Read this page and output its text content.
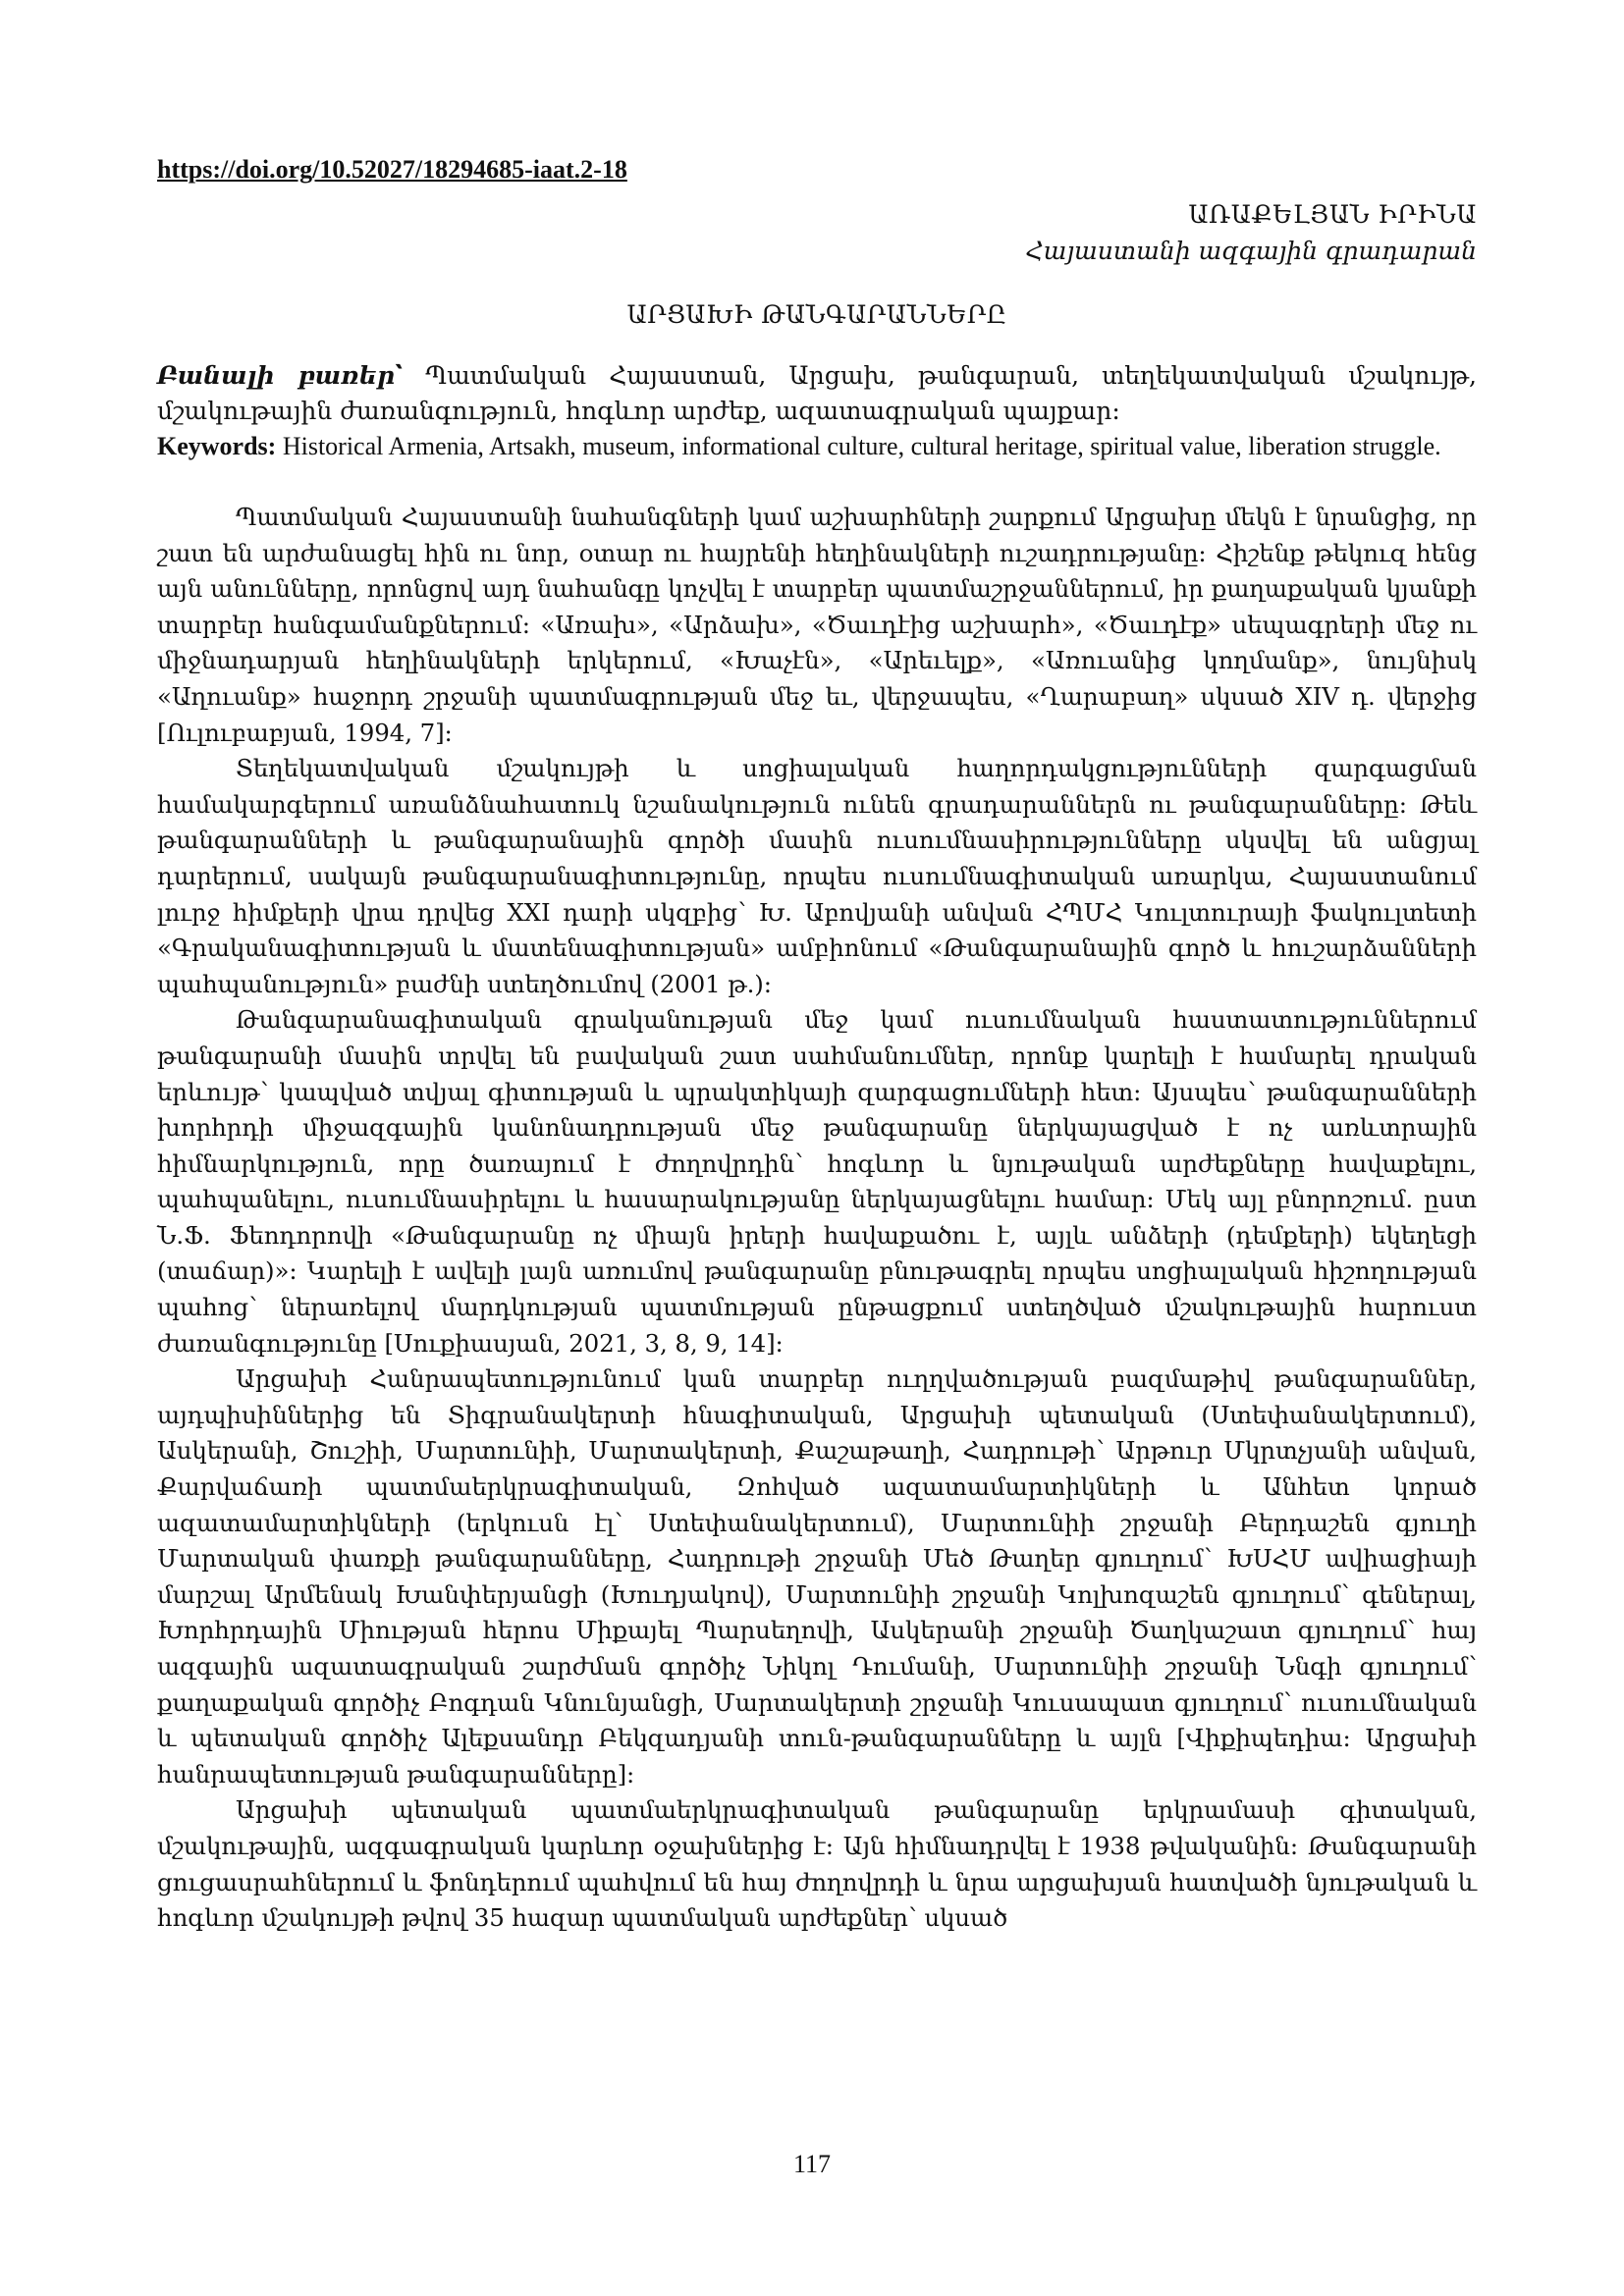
https://doi.org/10.52027/18294685-iaat.2-18
ԱՌԱՔԵԼՅԱՆ ԻՐԻՆԱ
Հայաստանի ազգային գրադարան
ԱՐՑԱԽԻ ԹԱՆԳԱՐԱՆՆԵՐԸ
Բանալի բառեր՝ Պատմական Հայաստան, Արցախ, թանգարան, տեղեկատվական մշակույթ, մշակութային ժառանգություն, հոգևոր արժեք, ազատագրական պայքար:
Keywords: Historical Armenia, Artsakh, museum, informational culture, cultural heritage, spiritual value, liberation struggle.

Պատմական Հայաստանի նահանգների կամ աշխարհների շարքում Արցախը մեկն է նրանցից, որ շատ են արժանացել հին ու նոր, օտար ու հայրենի հեղինակների ուշադրությանը: Հիշենք թեկուզ հենց այն անունները, որոնցով այդ նահանգը կոչվել է տարբեր պատմաշրջաններում, իր քաղաքական կյանքի տարբեր հանգամանքներում: «Առախ», «Արձախ», «Ծաւդէից աշխարհ», «Ծաւդէք» սեպագրերի մեջ ու միջնադարյան հեղինակների երկերում, «Խաչէն», «Արեւելք», «Առուանից կողմանք», նույնիսկ «Աղուանք» հաջորդ շրջանի պատմագրության մեջ եւ, վերջապես, «Ղարաբաղ» սկսած XIV դ. վերջից [Ուլուբաբյան, 1994, 7]:

Տեղեկատվական մշակույթի և սոցիալական հաղորդակցությունների զարգացման համակարգերում առանձնահատուկ նշանակություն ունեն գրադարաններն ու թանգարանները: Թեև թանգարանների և թանգարանային գործի մասին ուսումնասիրությունները սկսվել են անցյալ դարերում, սակայն թանգարանագիտությունը, որպես ուսումնագիտական առարկա, Հայաստանում լուրջ հիմքերի վրա դրվեց XXI դարի սկզբից՝ Խ. Աբովյանի անվան ՀՊՄՀ Կուլտուրայի ֆակուլտետի «Գրականագիտության և մատենագիտության» ամբիոնում «Թանգարանային գործ և հուշարձանների պահպանություն» բաժնի ստեղծումով (2001 թ.):

Թանգարանագիտական գրականության մեջ կամ ուսումնական հաստատություններում թանգարանի մասին տրվել են բավական շատ սահմանումներ, որոնք կարելի է համարել դրական երևույթ՝ կապված տվյալ գիտության և պրակտիկայի զարգացումների հետ: Այսպես՝ թանգարանների խորհրդի միջազգային կանոնադրության մեջ թանգարանը ներկայացված է ոչ առևտրային հիմնարկություն, որը ծառայում է ժողովրդին՝ հոգևոր և նյութական արժեքները հավաքելու, պահպանելու, ուսումնասիրելու և հասարակությանը ներկայացնելու համար: Մեկ այլ բնորոշում. ըստ Ն.Ֆ. Ֆեոդորովի «Թանգարանը ոչ միայն իրերի հավաքածու է, այլև անձերի (դեմքերի) եկեղեցի (տաճար)»: Կարելի է ավելի լայն առումով թանգարանը բնութագրել որպես սոցիալական հիշողության պահոց՝ ներառելով մարդկության պատմության ընթացքում ստեղծված մշակութային հարուստ ժառանգությունը [Սուքիասյան, 2021, 3, 8, 9, 14]:

Արցախի Հանրապետությունում կան տարբեր ուղղվածության բազմաթիվ թանգարաններ, այդպիսիններից են Տիգրանակերտի հնագիտական, Արցախի պետական (Ստեփանակերտում), Ասկերանի, Շուշիի, Մարտունիի, Մարտակերտի, Քաշաթաղի, Հադրութի՝ Արթուր Մկրտչյանի անվան, Քարվաճառի պատմաերկրագիտական, Զոհված ազատամարտիկների և Անհետ կորած ազատամարտիկների (երկուսն էլ՝ Ստեփանակերտում), Մարտունիի շրջանի Բերդաշեն գյուղի Մարտական փառքի թանգարանները, Հադրութի շրջանի Մեծ Թաղեր գյուղում՝ ԽՍՀՄ ավիացիայի մարշալ Արմենակ Խանփերյանցի (Խուդյակով), Մարտունիի շրջանի Կոլխոզաշեն գյուղում՝ գեներալ, Խորհրդային Միության հերոս Միքայել Պարսեղովի, Ասկերանի շրջանի Ծաղկաշատ գյուղում՝ հայ ազգային ազատագրական շարժման գործիչ Նիկոլ Դումանի, Մարտունիի շրջանի Ննգի գյուղում՝ քաղաքական գործիչ Բոգդան Կնունյանցի, Մարտակերտի շրջանի Կուսապատ գյուղում՝ ուսումնական և պետական գործիչ Ալեքսանդր Բեկզադյանի տուն-թանգարանները և այլն [Վիքիպեդիա: Արցախի հանրապետության թանգարանները]:

Արցախի պետական պատմաերկրագիտական թանգարանը երկրամասի գիտական, մշակութային, ազգագրական կարևոր օջախներից է: Այն հիմնադրվել է 1938 թվականին: Թանգարանի ցուցասրահներում և ֆոնդերում պահվում են հայ ժողովրդի և նրա արցախյան հատվածի նյութական և հոգևոր մշակույթի թվով 35 հազար պատմական արժեքներ՝ սկսած

117
